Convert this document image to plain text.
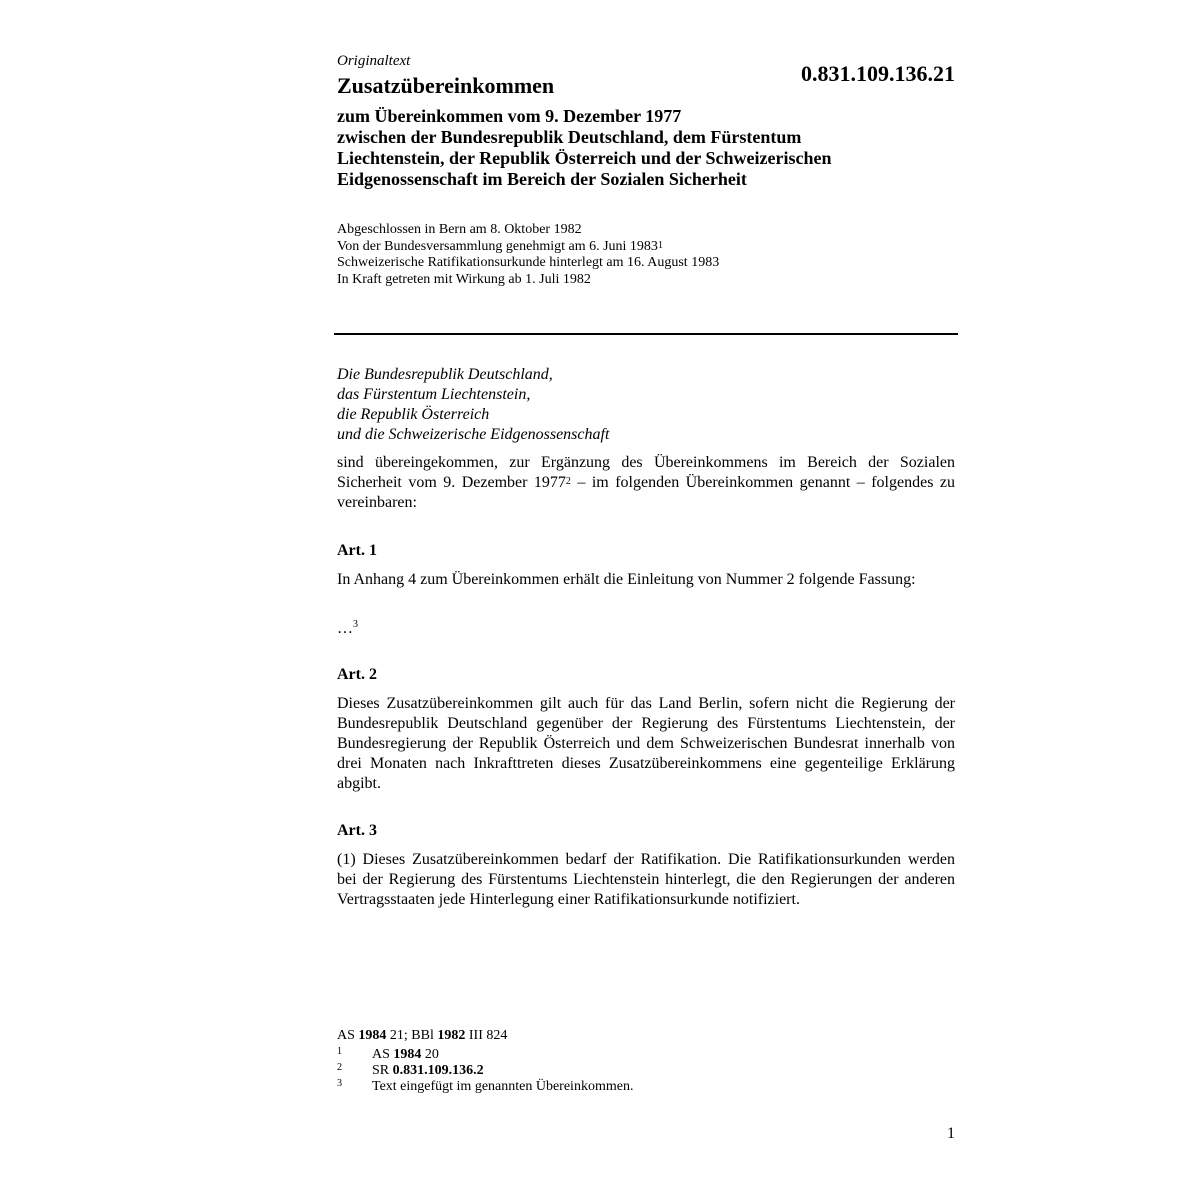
Originaltext
Zusatzübereinkommen	0.831.109.136.21
zum Übereinkommen vom 9. Dezember 1977
zwischen der Bundesrepublik Deutschland, dem Fürstentum
Liechtenstein, der Republik Österreich und der Schweizerischen
Eidgenossenschaft im Bereich der Sozialen Sicherheit
Abgeschlossen in Bern am 8. Oktober 1982
Von der Bundesversammlung genehmigt am 6. Juni 1983$^1$
Schweizerische Ratifikationsurkunde hinterlegt am 16. August 1983
In Kraft getreten mit Wirkung ab 1. Juli 1982
Die Bundesrepublik Deutschland,
das Fürstentum Liechtenstein,
die Republik Österreich
und die Schweizerische Eidgenossenschaft
sind übereingekommen, zur Ergänzung des Übereinkommens im Bereich der Sozialen Sicherheit vom 9. Dezember 1977$^2$ – im folgenden Übereinkommen genannt – folgendes zu vereinbaren:
Art. 1
In Anhang 4 zum Übereinkommen erhält die Einleitung von Nummer 2 folgende Fassung:
…$^3$
Art. 2
Dieses Zusatzübereinkommen gilt auch für das Land Berlin, sofern nicht die Regierung der Bundesrepublik Deutschland gegenüber der Regierung des Fürstentums Liechtenstein, der Bundesregierung der Republik Österreich und dem Schweizerischen Bundesrat innerhalb von drei Monaten nach Inkrafttreten dieses Zusatzübereinkommens eine gegenteilige Erklärung abgibt.
Art. 3
(1) Dieses Zusatzübereinkommen bedarf der Ratifikation. Die Ratifikationsurkunden werden bei der Regierung des Fürstentums Liechtenstein hinterlegt, die den Regierungen der anderen Vertragsstaaten jede Hinterlegung einer Ratifikationsurkunde notifiziert.
AS 1984 21; BBl 1982 III 824
1 AS 1984 20
2 SR 0.831.109.136.2
3 Text eingefügt im genannten Übereinkommen.
1
